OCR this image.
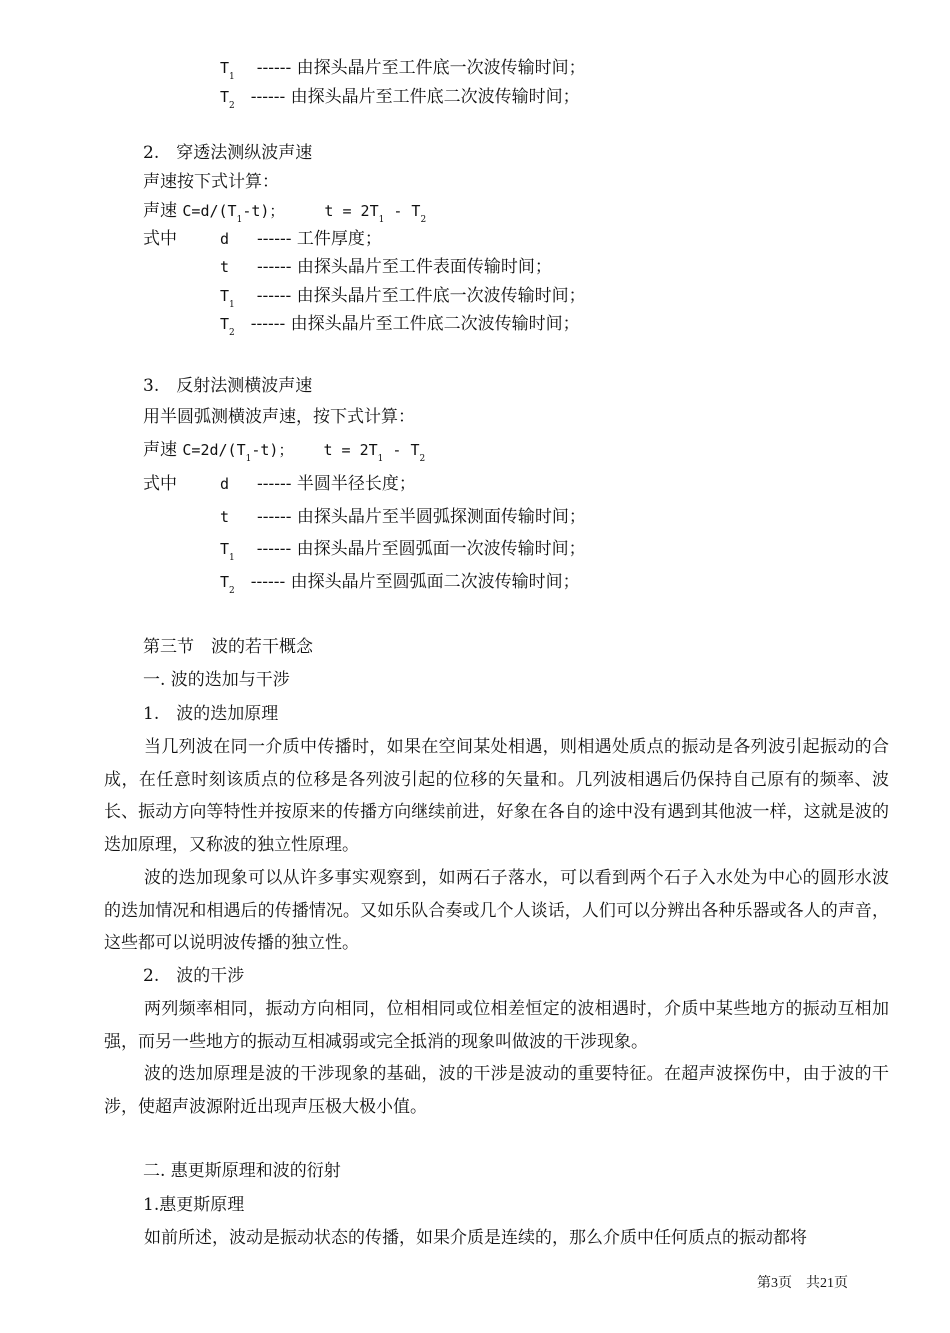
$T_1$ ------ 由探头晶片至工件底一次波传输时间；
$T_2$ ------ 由探头晶片至工件底二次波传输时间；
2.　穿透法测纵波声速
声速按下式计算：
声速 $C=d/(T_1-t)$；	$t = 2T_1 - T_2$
式中	d ------ 工件厚度；
t ------ 由探头晶片至工件表面传输时间；
$T_1$ ------ 由探头晶片至工件底一次波传输时间；
$T_2$ ------ 由探头晶片至工件底二次波传输时间；
3.　反射法测横波声速
用半圆弧测横波声速，按下式计算：
声速 $C=2d/(T_1-t)$； $t = 2T_1 - T_2$
式中	d ------ 半圆半径长度；
t ------ 由探头晶片至半圆弧探测面传输时间；
$T_1$ ------ 由探头晶片至圆弧面一次波传输时间；
$T_2$ ------ 由探头晶片至圆弧面二次波传输时间；
第三节　波的若干概念
一. 波的迭加与干涉
1.　波的迭加原理
当几列波在同一介质中传播时，如果在空间某处相遇，则相遇处质点的振动是各列波引起振动的合成，在任意时刻该质点的位移是各列波引起的位移的矢量和。几列波相遇后仍保持自己原有的频率、波长、振动方向等特性并按原来的传播方向继续前进，好象在各自的途中没有遇到其他波一样，这就是波的迭加原理，又称波的独立性原理。
波的迭加现象可以从许多事实观察到，如两石子落水，可以看到两个石子入水处为中心的圆形水波的迭加情况和相遇后的传播情况。又如乐队合奏或几个人谈话，人们可以分辨出各种乐器或各人的声音，这些都可以说明波传播的独立性。
2.　波的干涉
两列频率相同，振动方向相同，位相相同或位相差恒定的波相遇时，介质中某些地方的振动互相加强，而另一些地方的振动互相减弱或完全抵消的现象叫做波的干涉现象。
波的迭加原理是波的干涉现象的基础，波的干涉是波动的重要特征。在超声波探伤中，由于波的干涉，使超声波源附近出现声压极大极小值。
二. 惠更斯原理和波的衍射
1.惠更斯原理
如前所述，波动是振动状态的传播，如果介质是连续的，那么介质中任何质点的振动都将
第3页　共21页
